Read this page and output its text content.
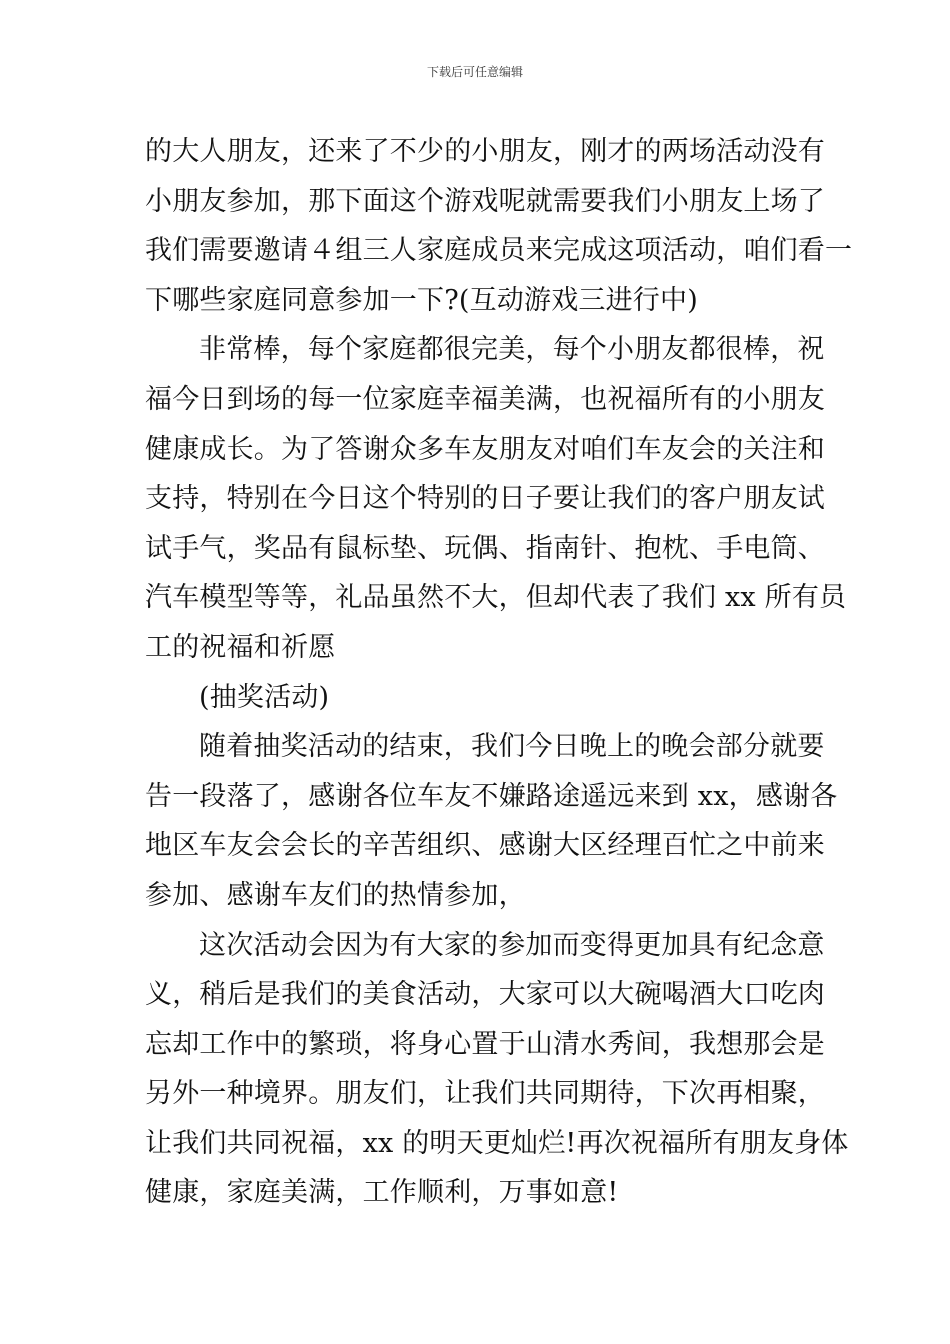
下载后可任意编辑
的大人朋友，还来了不少的小朋友，刚才的两场活动没有
小朋友参加，那下面这个游戏呢就需要我们小朋友上场了
我们需要邀请４组三人家庭成员来完成这项活动，咱们看一
下哪些家庭同意参加一下?(互动游戏三进行中)
非常棒，每个家庭都很完美，每个小朋友都很棒，祝
福今日到场的每一位家庭幸福美满，也祝福所有的小朋友
健康成长。为了答谢众多车友朋友对咱们车友会的关注和
支持，特别在今日这个特别的日子要让我们的客户朋友试
试手气，奖品有鼠标垫、玩偶、指南针、抱枕、手电筒、
汽车模型等等，礼品虽然不大，但却代表了我们 xx 所有员
工的祝福和祈愿
(抽奖活动)
随着抽奖活动的结束，我们今日晚上的晚会部分就要
告一段落了，感谢各位车友不嫌路途遥远来到 xx，感谢各
地区车友会会长的辛苦组织、感谢大区经理百忙之中前来
参加、感谢车友们的热情参加，
这次活动会因为有大家的参加而变得更加具有纪念意
义，稍后是我们的美食活动，大家可以大碗喝酒大口吃肉
忘却工作中的繁琐，将身心置于山清水秀间，我想那会是
另外一种境界。朋友们，让我们共同期待，下次再相聚，
让我们共同祝福，xx 的明天更灿烂!再次祝福所有朋友身体
健康，家庭美满，工作顺利，万事如意!
